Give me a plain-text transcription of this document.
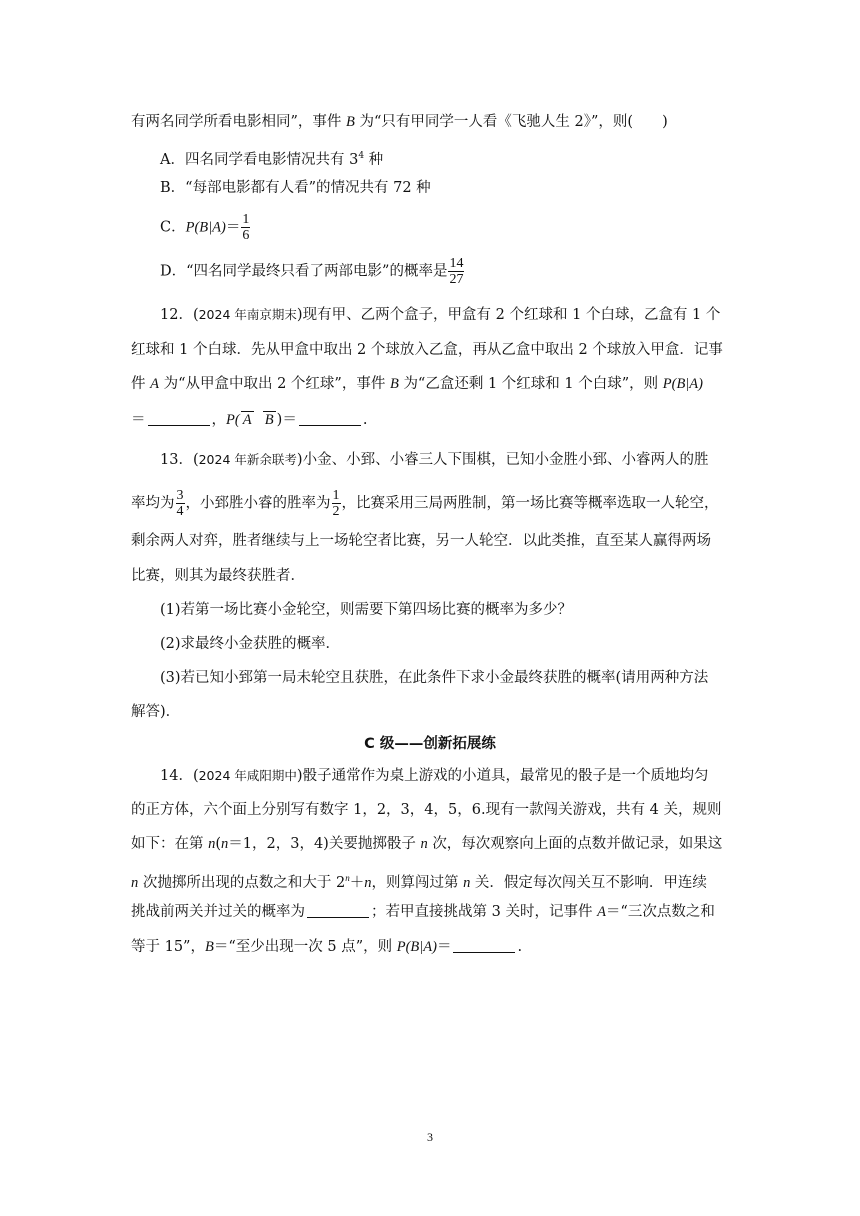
有两名同学所看电影相同”，事件 B 为“只有甲同学一人看《飞驰人生 2》”，则(   )
A．四名同学看电影情况共有 $3^4$ 种
B．“每部电影都有人看”的情况共有 72 种
C．$P(B|A)= \frac{1}{6}$
D．“四名同学最终只看了两部电影”的概率是 $\frac{14}{27}$
12．(2024 年南京期末)现有甲、乙两个盒子，甲盒有 2 个红球和 1 个白球，乙盒有 1 个
红球和 1 个白球．先从甲盒中取出 2 个球放入乙盒，再从乙盒中取出 2 个球放入甲盒．记事
件 A 为“从甲盒中取出 2 个红球”，事件 B 为“乙盒还剩 1 个红球和 1 个白球”，则 P(B|A)
＝	，P( A  B )＝	.
13．(2024 年新余联考)小金、小郅、小睿三人下围棋，已知小金胜小郅、小睿两人的胜
率均为 $\frac{3}{4}$ ，小郅胜小睿的胜率为 $\frac{1}{2}$ ，比赛采用三局两胜制，第一场比赛等概率选取一人轮空，
剩余两人对弈，胜者继续与上一场轮空者比赛，另一人轮空．以此类推，直至某人赢得两场
比赛，则其为最终获胜者．
(1)若第一场比赛小金轮空，则需要下第四场比赛的概率为多少？
(2)求最终小金获胜的概率．
(3)若已知小郅第一局未轮空且获胜，在此条件下求小金最终获胜的概率(请用两种方法
解答)．
C 级——创新拓展练
14．(2024 年咸阳期中)骰子通常作为桌上游戏的小道具，最常见的骰子是一个质地均匀
的正方体，六个面上分别写有数字 1，2，3，4，5，6.现有一款闯关游戏，共有 4 关，规则
如下：在第 n(n＝1，2，3，4)关要抛掷骰子 n 次，每次观察向上面的点数并做记录，如果这
n 次抛掷所出现的点数之和大于 $2^n+n$，则算闯过第 n 关．假定每次闯关互不影响．甲连续
挑战前两关并过关的概率为	；若甲直接挑战第 3 关时，记事件 A＝“三次点数之和
等于 15”，B＝“至少出现一次 5 点”，则 P(B|A)＝	.
3
